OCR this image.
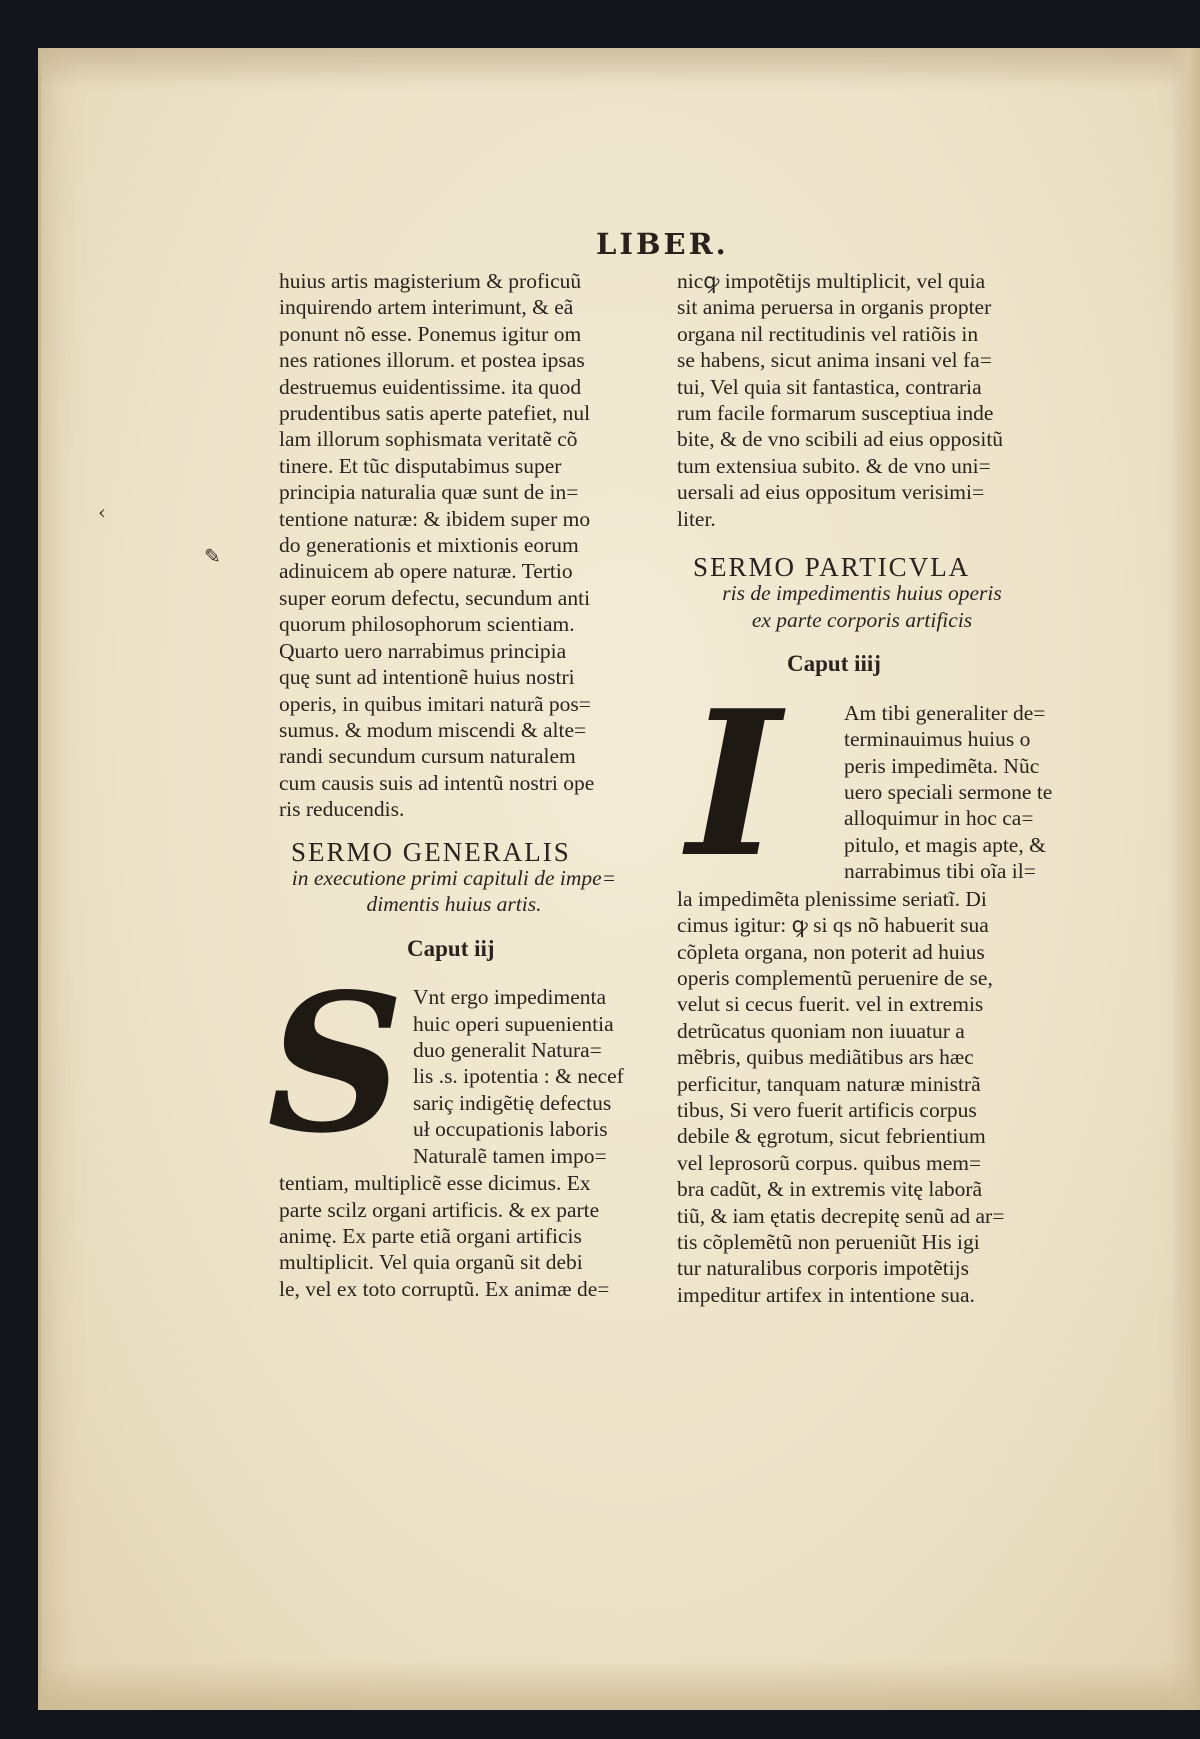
‹
✎
LIBER.
huius artis magisterium & proficuũ
inquirendo artem interimunt, & eã
ponunt nõ esse. Ponemus igitur om
nes rationes illorum. et postea ipsas
destruemus euidentissime. ita quod
prudentibus satis aperte patefiet, nul
lam illorum sophismata veritatẽ cõ
tinere. Et tũc disputabimus super
principia naturalia quæ sunt de in=
tentione naturæ: & ibidem super mo
do generationis et mixtionis eorum
adinuicem ab opere naturæ. Tertio
super eorum defectu, secundum anti
quorum philosophorum scientiam.
Quarto uero narrabimus principia
quę sunt ad intentionẽ huius nostri
operis, in quibus imitari naturã pos=
sumus. & modum miscendi & alte=
randi secundum cursum naturalem
cum causis suis ad intentũ nostri ope
ris reducendis.
SERMO GENERALIS
in executione primi capituli de impe=
dimentis huius artis.
Caput iij
S Vnt ergo impedimenta
huic operi supuenientia
duo generalit Natura=
lis .s. ipotentia : & necef
sariç indigẽtię defectus
uł occupationis laboris
Naturalẽ tamen impo=
tentiam, multiplicẽ esse dicimus. Ex
parte scilz organi artificis. & ex parte
animę. Ex parte etiã organi artificis
multiplicit. Vel quia organũ sit debi
le, vel ex toto corruptũ. Ex animæ de=
nicꝙ impotẽtijs multiplicit, vel quia
sit anima peruersa in organis propter
organa nil rectitudinis vel ratiõis in
se habens, sicut anima insani vel fa=
tui, Vel quia sit fantastica, contraria
rum facile formarum susceptiua inde
bite, & de vno scibili ad eius oppositũ
tum extensiua subito. & de vno uni=
uersali ad eius oppositum verisimi=
liter.
SERMO PARTICVLA
ris de impedimentis huius operis
ex parte corporis artificis
Caput iiij
I	Am tibi generaliter de=
terminauimus huius o
peris impedimẽta. Nũc
uero speciali sermone te
alloquimur in hoc ca=
pitulo, et magis apte, &
narrabimus tibi oĩa il=
la impedimẽta plenissime seriatĩ. Di
cimus igitur: ꝙ si qs nõ habuerit sua
cõpleta organa, non poterit ad huius
operis complementũ peruenire de se,
velut si cecus fuerit. vel in extremis
detrũcatus quoniam non iuuatur a
mẽbris, quibus mediãtibus ars hæc
perficitur, tanquam naturæ ministrã
tibus, Si vero fuerit artificis corpus
debile & ęgrotum, sicut febrientium
vel leprosorũ corpus. quibus mem=
bra cadũt, & in extremis vitę laborã
tiũ, & iam ętatis decrepitę senũ ad ar=
tis cõplemẽtũ non perueniũt His igi
tur naturalibus corporis impotẽtijs
impeditur artifex in intentione sua.
